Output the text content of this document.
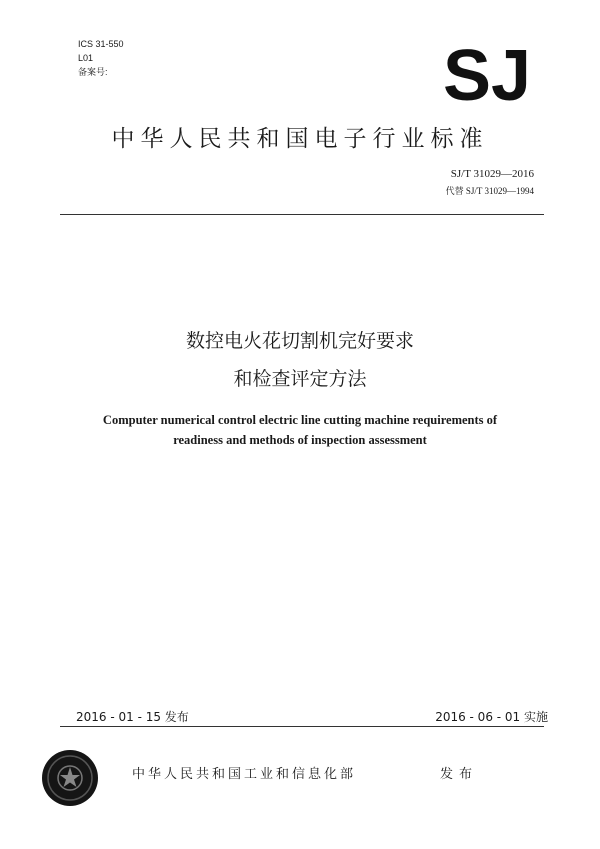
ICS 31-550
L01
备案号:	SJ
中华人民共和国电子行业标准
SJ/T 31029—2016
代替 SJ/T 31029—1994
数控电火花切割机完好要求
和检查评定方法
Computer numerical control electric line cutting machine requirements of
readiness and methods of inspection assessment
2016 - 01 - 15 发布	2016 - 06 - 01 实施
中华人民共和国工业和信息化部	发布
